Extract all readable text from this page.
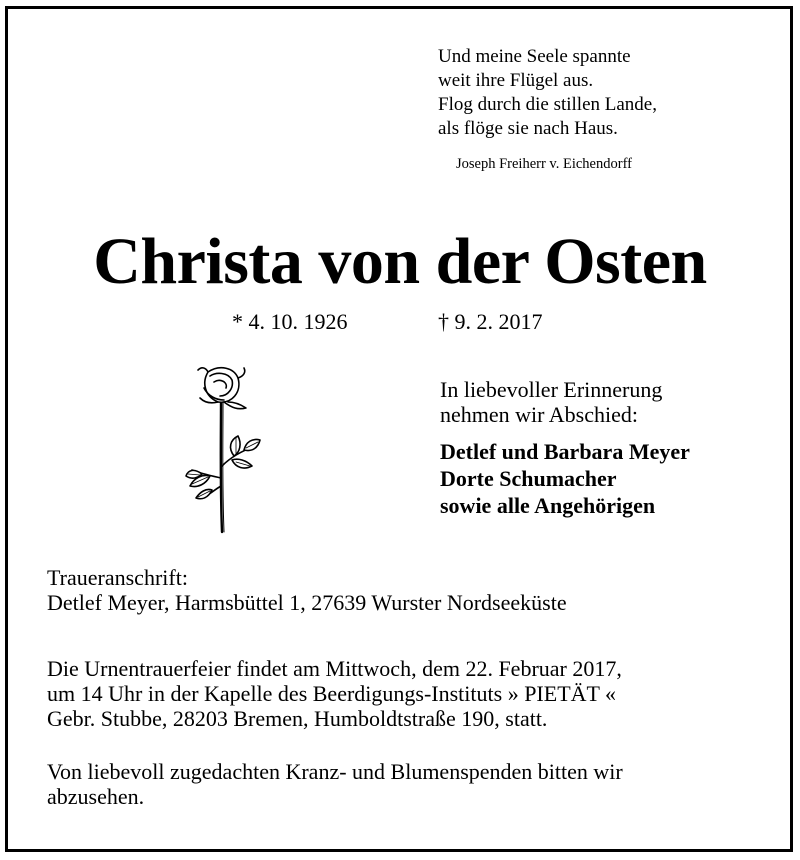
Und meine Seele spannte
weit ihre Flügel aus.
Flog durch die stillen Lande,
als flöge sie nach Haus.
Joseph Freiherr v. Eichendorff
Christa von der Osten
* 4. 10. 1926	† 9. 2. 2017
In liebevoller Erinnerung
nehmen wir Abschied:
Detlef und Barbara Meyer
Dorte Schumacher
sowie alle Angehörigen
Traueranschrift:
Detlef Meyer, Harmsbüttel 1, 27639 Wurster Nordseeküste
Die Urnentrauerfeier findet am Mittwoch, dem 22. Februar 2017,
um 14 Uhr in der Kapelle des Beerdigungs-Instituts » PIETÄT «
Gebr. Stubbe, 28203 Bremen, Humboldtstraße 190, statt.
Von liebevoll zugedachten Kranz- und Blumenspenden bitten wir
abzusehen.
